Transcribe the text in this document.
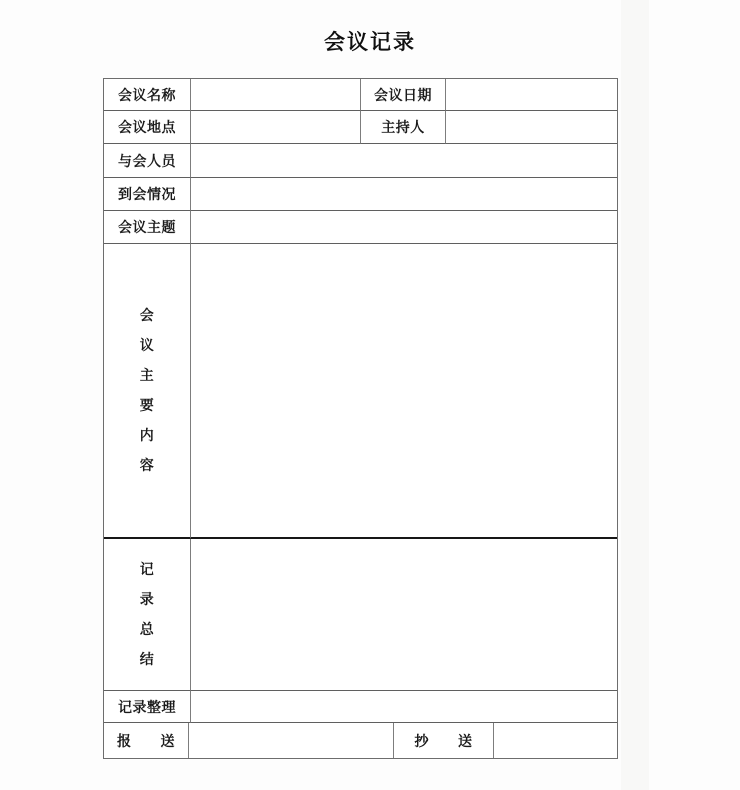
会议记录
会议名称	会议日期
会议地点	主持人
与会人员
到会情况
会议主题
会议主要内容
记录总结
记录整理
报　　送	抄　　送
